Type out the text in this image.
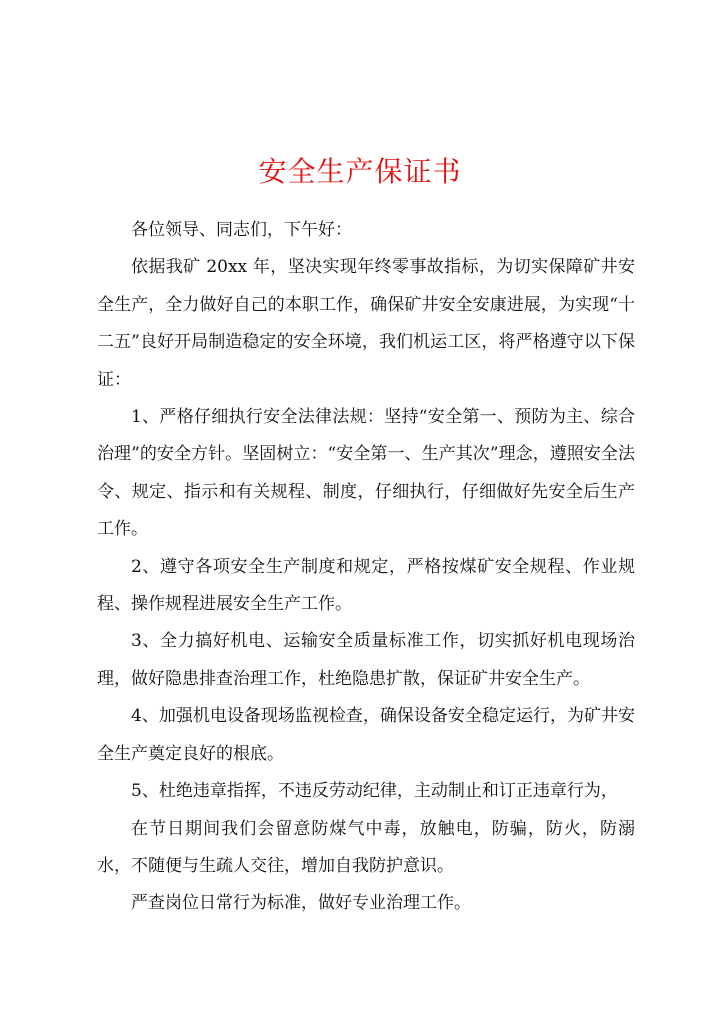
安全生产保证书

各位领导、同志们，下午好：

依据我矿 20xx 年，坚决实现年终零事故指标，为切实保障矿井安全生产，全力做好自己的本职工作，确保矿井安全安康进展，为实现“十二五”良好开局制造稳定的安全环境，我们机运工区，将严格遵守以下保证：

1、严格仔细执行安全法律法规：坚持“安全第一、预防为主、综合治理”的安全方针。坚固树立：“安全第一、生产其次”理念，遵照安全法令、规定、指示和有关规程、制度，仔细执行，仔细做好先安全后生产工作。

2、遵守各项安全生产制度和规定，严格按煤矿安全规程、作业规程、操作规程进展安全生产工作。

3、全力搞好机电、运输安全质量标准工作，切实抓好机电现场治理，做好隐患排查治理工作，杜绝隐患扩散，保证矿井安全生产。

4、加强机电设备现场监视检查，确保设备安全稳定运行，为矿井安全生产奠定良好的根底。

5、杜绝违章指挥，不违反劳动纪律，主动制止和订正违章行为，

在节日期间我们会留意防煤气中毒，放触电，防骗，防火，防溺水，不随便与生疏人交往，增加自我防护意识。

严查岗位日常行为标准，做好专业治理工作。
